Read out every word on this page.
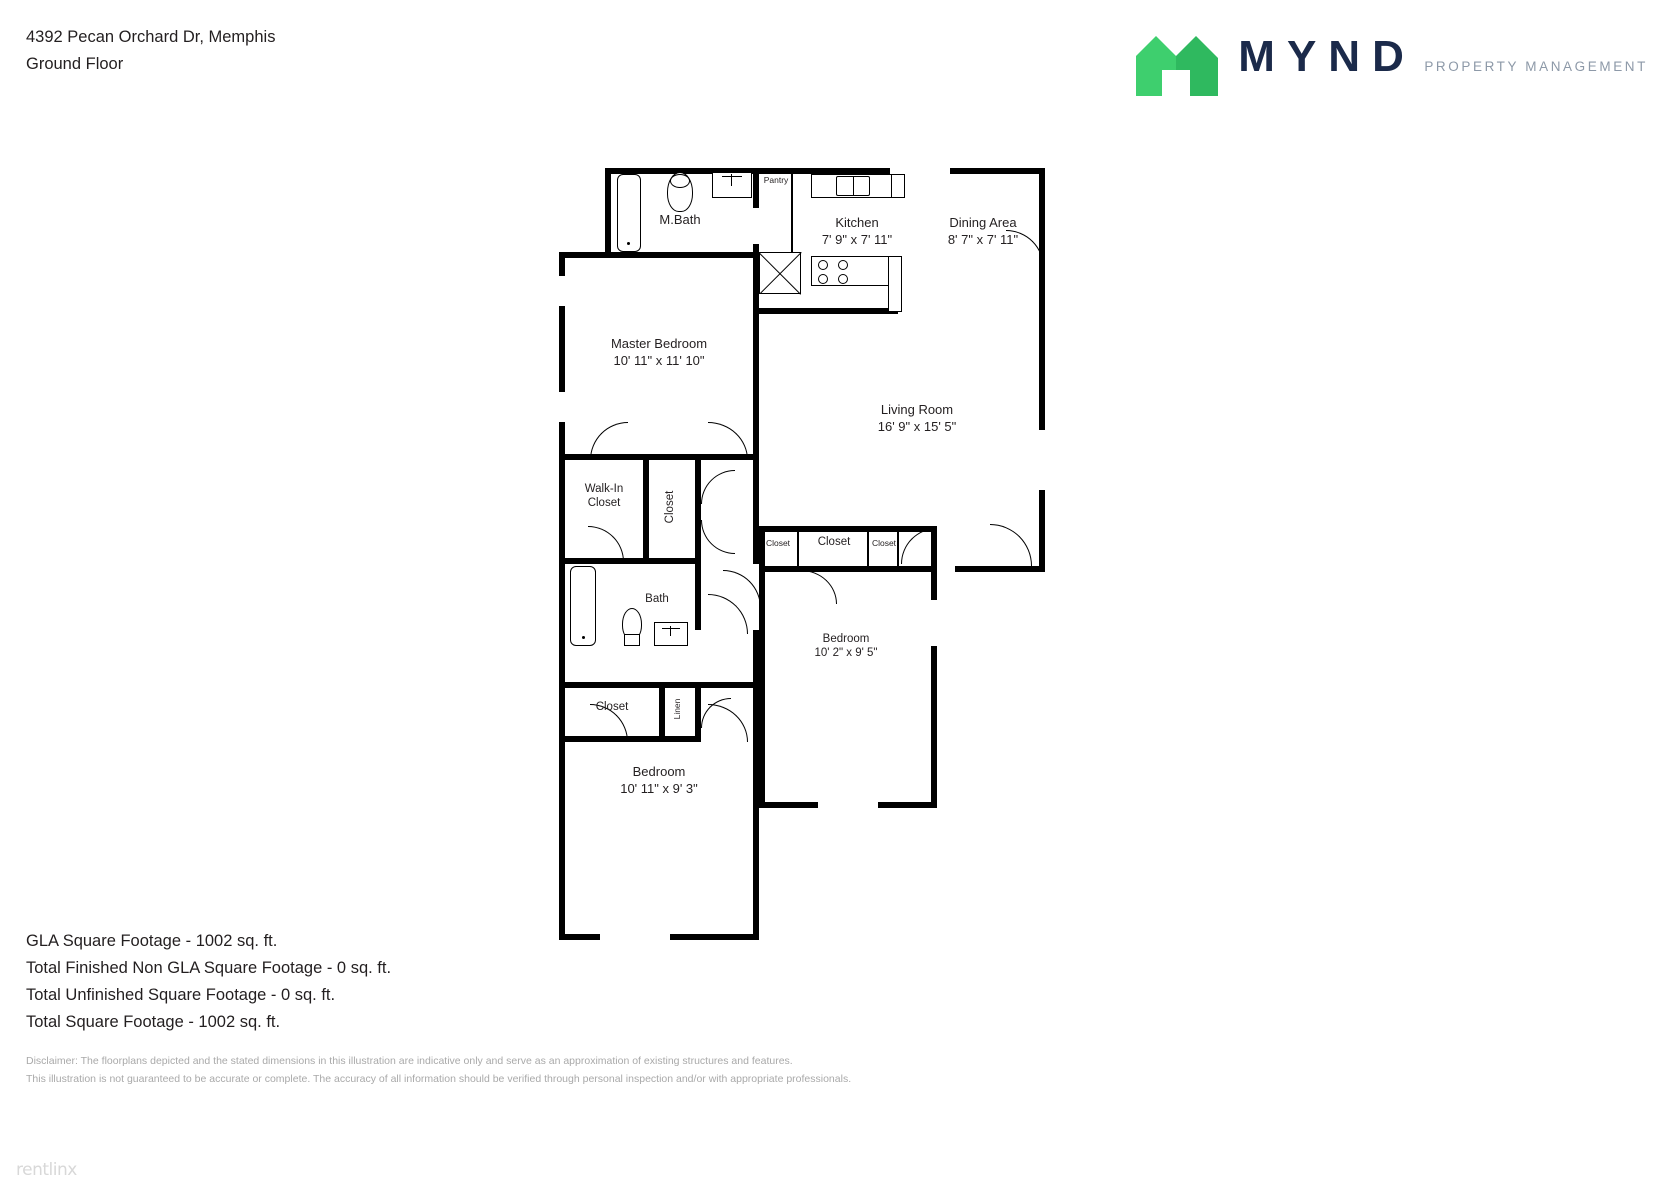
4392 Pecan Orchard Dr, Memphis
Ground Floor	MYND PROPERTY MANAGEMENT
M.Bath
Pantry
Kitchen
7' 9" x 7' 11"
Dining Area
8' 7" x 7' 11"
Master Bedroom
10' 11" x 11' 10"
Living Room
16' 9" x 15' 5"
Walk-In
Closet	Closet
Bath
Closet	Linen
Bedroom
10' 11" x 9' 3"
Bedroom
10' 2" x 9' 5"
Closet	Closet	Closet
GLA Square Footage - 1002 sq. ft.
Total Finished Non GLA Square Footage - 0 sq. ft.
Total Unfinished Square Footage - 0 sq. ft.
Total Square Footage - 1002 sq. ft.
Disclaimer: The floorplans depicted and the stated dimensions in this illustration are indicative only and serve as an approximation of existing structures and features.
This illustration is not guaranteed to be accurate or complete. The accuracy of all information should be verified through personal inspection and/or with appropriate professionals.
rentlinx
